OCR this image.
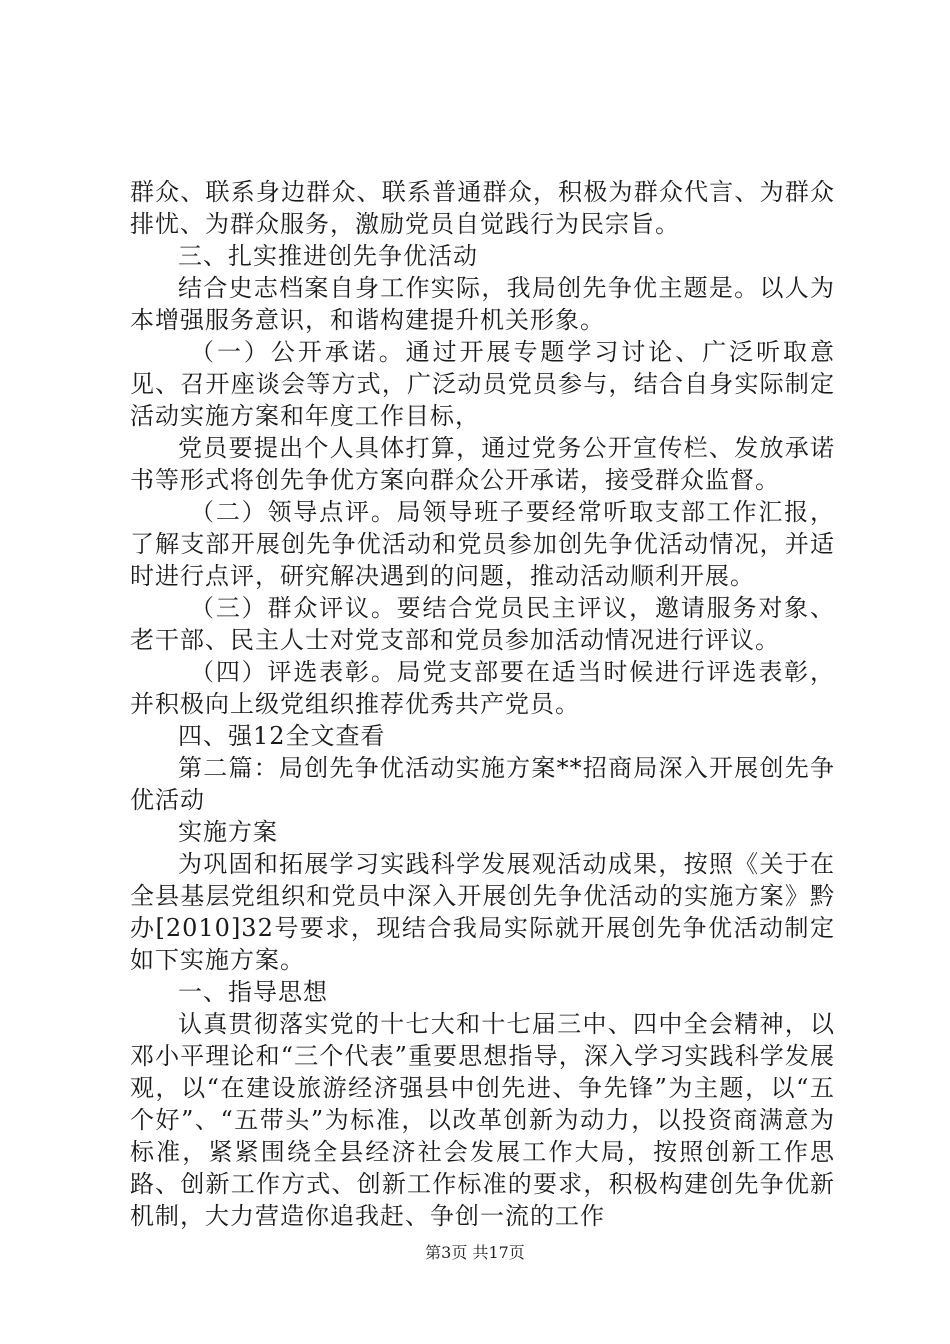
群众、联系身边群众、联系普通群众，积极为群众代言、为群众排忧、为群众服务，激励党员自觉践行为民宗旨。

三、扎实推进创先争优活动

结合史志档案自身工作实际，我局创先争优主题是。以人为本增强服务意识，和谐构建提升机关形象。

（一）公开承诺。通过开展专题学习讨论、广泛听取意见、召开座谈会等方式，广泛动员党员参与，结合自身实际制定活动实施方案和年度工作目标，

党员要提出个人具体打算，通过党务公开宣传栏、发放承诺书等形式将创先争优方案向群众公开承诺，接受群众监督。

（二）领导点评。局领导班子要经常听取支部工作汇报，了解支部开展创先争优活动和党员参加创先争优活动情况，并适时进行点评，研究解决遇到的问题，推动活动顺利开展。

（三）群众评议。要结合党员民主评议，邀请服务对象、老干部、民主人士对党支部和党员参加活动情况进行评议。

（四）评选表彰。局党支部要在适当时候进行评选表彰，并积极向上级党组织推荐优秀共产党员。

四、强12全文查看

第二篇：局创先争优活动实施方案**招商局深入开展创先争优活动

实施方案

为巩固和拓展学习实践科学发展观活动成果，按照《关于在全县基层党组织和党员中深入开展创先争优活动的实施方案》黔办[2010]32号要求，现结合我局实际就开展创先争优活动制定如下实施方案。

一、指导思想

认真贯彻落实党的十七大和十七届三中、四中全会精神，以邓小平理论和“三个代表”重要思想指导，深入学习实践科学发展观，以“在建设旅游经济强县中创先进、争先锋”为主题，以“五个好”、“五带头”为标准，以改革创新为动力，以投资商满意为标准，紧紧围绕全县经济社会发展工作大局，按照创新工作思路、创新工作方式、创新工作标准的要求，积极构建创先争优新机制，大力营造你追我赶、争创一流的工作

第3页 共17页
